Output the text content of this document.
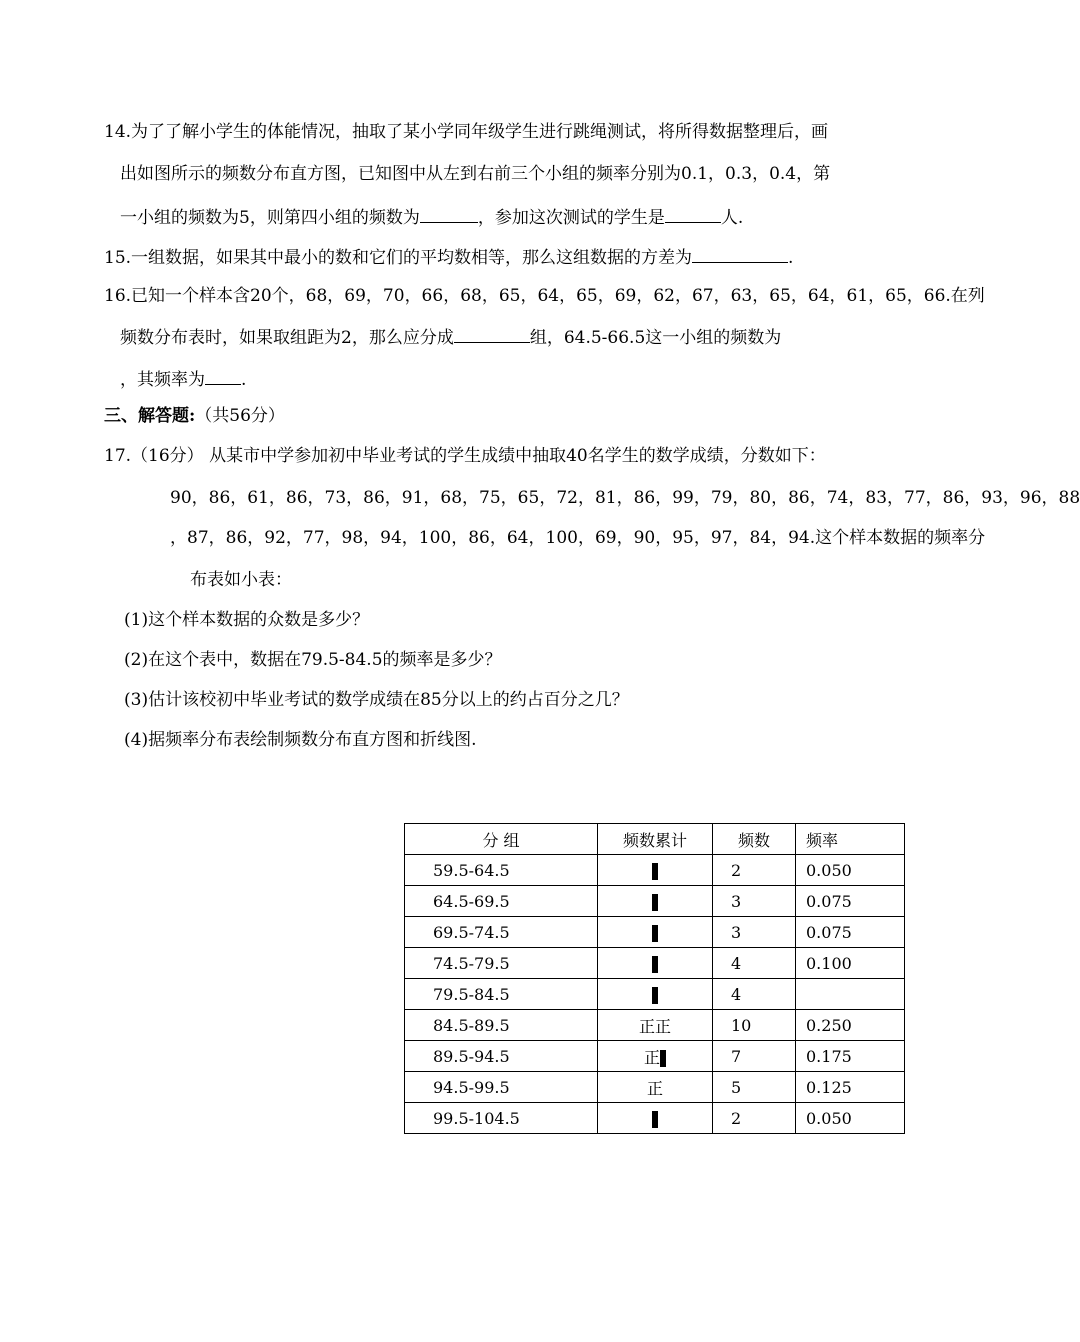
14.为了了解小学生的体能情况，抽取了某小学同年级学生进行跳绳测试，将所得数据整理后，画
出如图所示的频数分布直方图，已知图中从左到右前三个小组的频率分别为0.1，0.3，0.4，第
一小组的频数为5，则第四小组的频数为	，参加这次测试的学生是	人.
15.一组数据，如果其中最小的数和它们的平均数相等，那么这组数据的方差为	.
16.已知一个样本含20个，68，69，70，66，68，65，64，65，69，62，67，63，65，64，61，65，66.在列
频数分布表时，如果取组距为2，那么应分成	组，64.5-66.5这一小组的频数为
，其频率为 .
三、解答题:（共56分）
17.（16分） 从某市中学参加初中毕业考试的学生成绩中抽取40名学生的数学成绩，分数如下：
90，86，61，86，73，86，91，68，75，65，72，81，86，99，79，80，86，74，83，77，86，93，96，88
，87，86，92，77，98，94，100，86，64，100，69，90，95，97，84，94.这个样本数据的频率分
布表如小表：
(1)这个样本数据的众数是多少？
(2)在这个表中，数据在79.5-84.5的频率是多少？
(3)估计该校初中毕业考试的数学成绩在85分以上的约占百分之几？
(4)据频率分布表绘制频数分布直方图和折线图.
分 组	频数累计	频数	频率
59.5-64.5		2	0.050
64.5-69.5		3	0.075
69.5-74.5		3	0.075
74.5-79.5		4	0.100
79.5-84.5		4	
84.5-89.5	正正	10	0.250
89.5-94.5	正	7	0.175
94.5-99.5	正	5	0.125
99.5-104.5		2	0.050
